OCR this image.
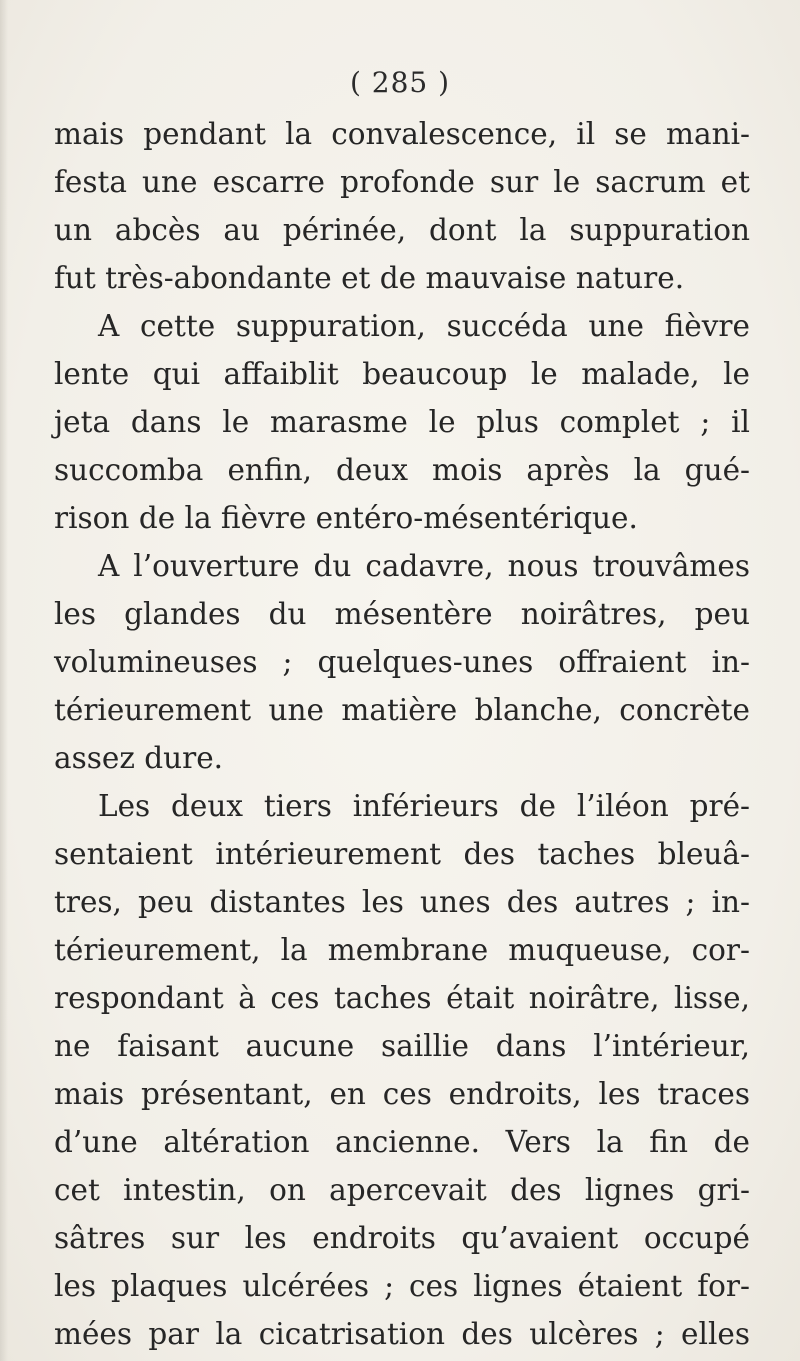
( 285 )
mais pendant la convalescence, il se mani-
festa une escarre profonde sur le sacrum et
un abcès au périnée, dont la suppuration
fut très-abondante et de mauvaise nature.
A cette suppuration, succéda une fièvre
lente qui affaiblit beaucoup le malade, le
jeta dans le marasme le plus complet ; il
succomba enfin, deux mois après la gué-
rison de la fièvre entéro-mésentérique.
A l’ouverture du cadavre, nous trouvâmes
les glandes du mésentère noirâtres, peu
volumineuses ; quelques-unes offraient in-
térieurement une matière blanche, concrète
assez dure.
Les deux tiers inférieurs de l’iléon pré-
sentaient intérieurement des taches bleuâ-
tres, peu distantes les unes des autres ; in-
térieurement, la membrane muqueuse, cor-
respondant à ces taches était noirâtre, lisse,
ne faisant aucune saillie dans l’intérieur,
mais présentant, en ces endroits, les traces
d’une altération ancienne. Vers la fin de
cet intestin, on apercevait des lignes gri-
sâtres sur les endroits qu’avaient occupé
les plaques ulcérées ; ces lignes étaient for-
mées par la cicatrisation des ulcères ; elles
